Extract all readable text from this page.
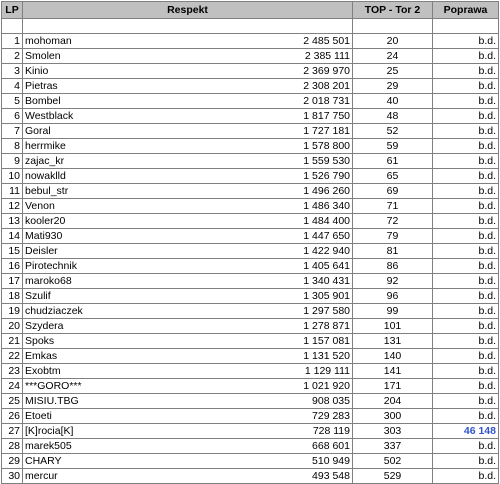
LP	Respekt		TOP - Tor 2	Poprawa

1	mohoman	2 485 501	20	b.d.
2	Smolen	2 385 111	24	b.d.
3	Kinio	2 369 970	25	b.d.
4	Pietras	2 308 201	29	b.d.
5	Bombel	2 018 731	40	b.d.
6	Westblack	1 817 750	48	b.d.
7	Goral	1 727 181	52	b.d.
8	herrmike	1 578 800	59	b.d.
9	zajac_kr	1 559 530	61	b.d.
10	nowaklld	1 526 790	65	b.d.
11	bebul_str	1 496 260	69	b.d.
12	Venon	1 486 340	71	b.d.
13	kooler20	1 484 400	72	b.d.
14	Mati930	1 447 650	79	b.d.
15	Deisler	1 422 940	81	b.d.
16	Pirotechnik	1 405 641	86	b.d.
17	maroko68	1 340 431	92	b.d.
18	Szulif	1 305 901	96	b.d.
19	chudziaczek	1 297 580	99	b.d.
20	Szydera	1 278 871	101	b.d.
21	Spoks	1 157 081	131	b.d.
22	Emkas	1 131 520	140	b.d.
23	Exobtm	1 129 111	141	b.d.
24	***GORO***	1 021 920	171	b.d.
25	MISIU.TBG	908 035	204	b.d.
26	Etoeti	729 283	300	b.d.
27	[K]rocia[K]	728 119	303	46 148
28	marek505	668 601	337	b.d.
29	CHARY	510 949	502	b.d.
30	mercur	493 548	529	b.d.
